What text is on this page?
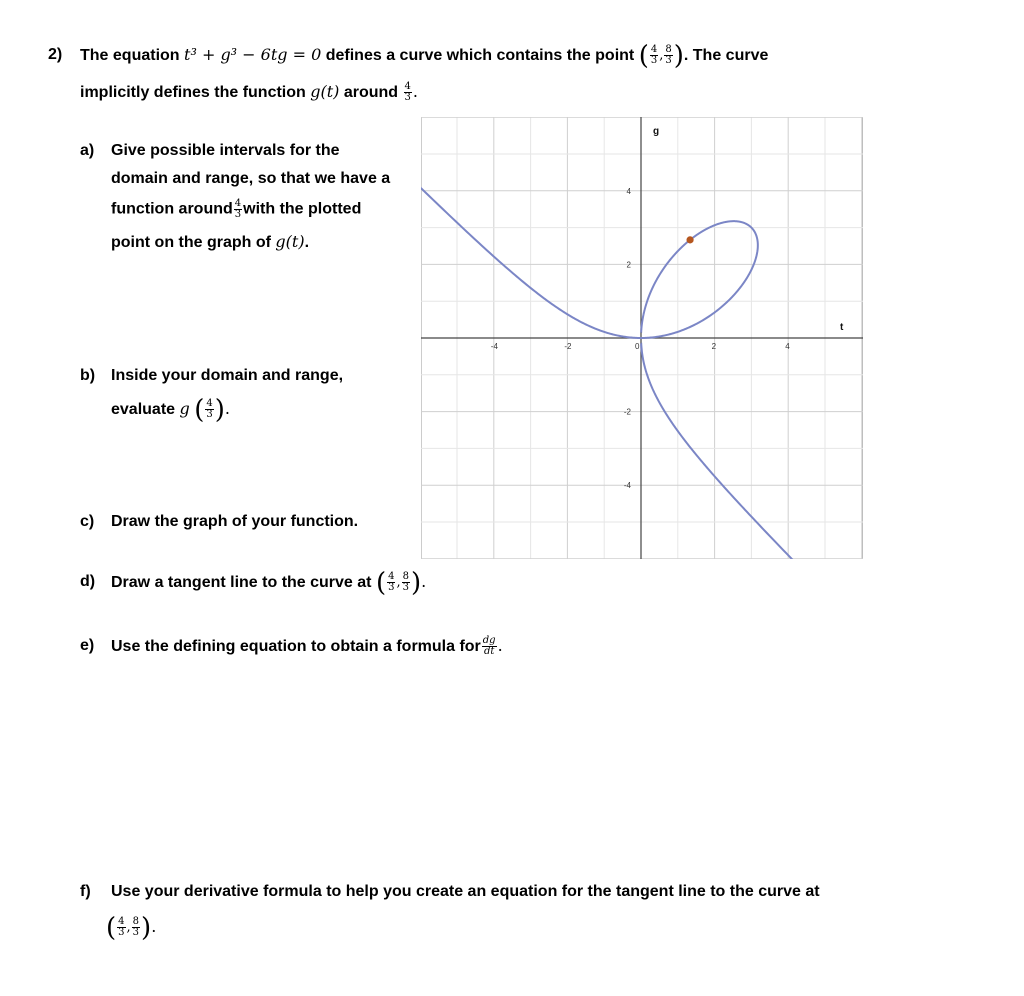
2) The equation t³ + g³ − 6tg = 0 defines a curve which contains the point ( $\frac{4}{3}$ , $\frac{8}{3}$ ). The curve
implicitly defines the function g(t) around $\frac{4}{3}$ .
a) Give possible intervals for the
domain and range, so that we have a
function around $\frac{4}{3}$ with the plotted
point on the graph of g(t).
b) Inside your domain and range,
evaluate g ( $\frac{4}{3}$ ).
c) Draw the graph of your function.
d) Draw a tangent line to the curve at ( $\frac{4}{3}$ , $\frac{8}{3}$ ).
e) Use the defining equation to obtain a formula for $\frac{dg}{dt}$ .
f) Use your derivative formula to help you create an equation for the tangent line to the curve at
( $\frac{4}{3}$ , $\frac{8}{3}$ ).
-4	-2	0	2	4
4
2
-2
-4
g
t
